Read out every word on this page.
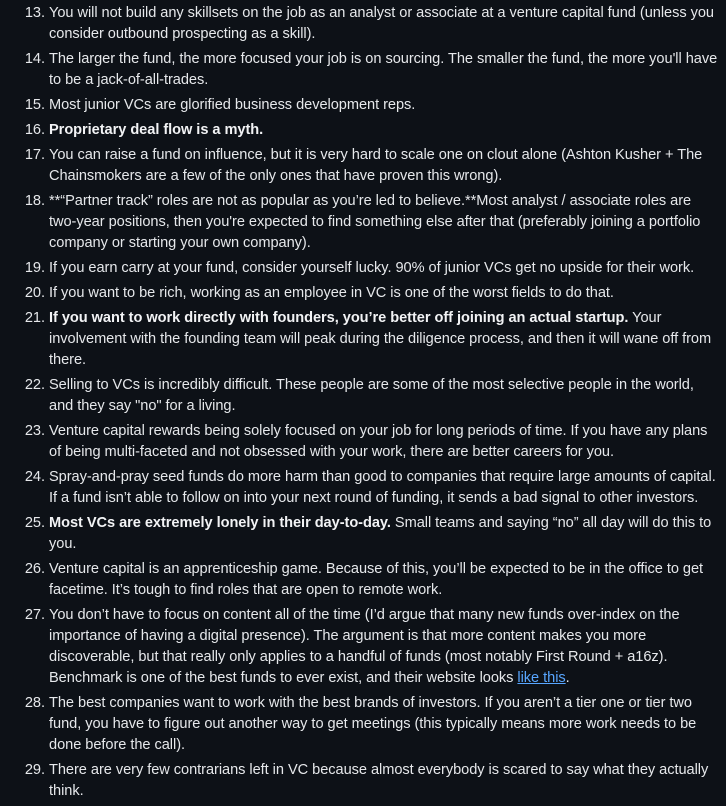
13. You will not build any skillsets on the job as an analyst or associate at a venture capital fund (unless you consider outbound prospecting as a skill).
14. The larger the fund, the more focused your job is on sourcing. The smaller the fund, the more you'll have to be a jack-of-all-trades.
15. Most junior VCs are glorified business development reps.
16. Proprietary deal flow is a myth.
17. You can raise a fund on influence, but it is very hard to scale one on clout alone (Ashton Kusher + The Chainsmokers are a few of the only ones that have proven this wrong).
18. **“Partner track” roles are not as popular as you’re led to believe.**Most analyst / associate roles are two-year positions, then you're expected to find something else after that (preferably joining a portfolio company or starting your own company).
19. If you earn carry at your fund, consider yourself lucky. 90% of junior VCs get no upside for their work.
20. If you want to be rich, working as an employee in VC is one of the worst fields to do that.
21. If you want to work directly with founders, you’re better off joining an actual startup. Your involvement with the founding team will peak during the diligence process, and then it will wane off from there.
22. Selling to VCs is incredibly difficult. These people are some of the most selective people in the world, and they say "no" for a living.
23. Venture capital rewards being solely focused on your job for long periods of time. If you have any plans of being multi-faceted and not obsessed with your work, there are better careers for you.
24. Spray-and-pray seed funds do more harm than good to companies that require large amounts of capital. If a fund isn’t able to follow on into your next round of funding, it sends a bad signal to other investors.
25. Most VCs are extremely lonely in their day-to-day. Small teams and saying “no” all day will do this to you.
26. Venture capital is an apprenticeship game. Because of this, you’ll be expected to be in the office to get facetime. It’s tough to find roles that are open to remote work.
27. You don’t have to focus on content all of the time (I’d argue that many new funds over-index on the importance of having a digital presence). The argument is that more content makes you more discoverable, but that really only applies to a handful of funds (most notably First Round + a16z). Benchmark is one of the best funds to ever exist, and their website looks like this.
28. The best companies want to work with the best brands of investors. If you aren’t a tier one or tier two fund, you have to figure out another way to get meetings (this typically means more work needs to be done before the call).
29. There are very few contrarians left in VC because almost everybody is scared to say what they actually think.
